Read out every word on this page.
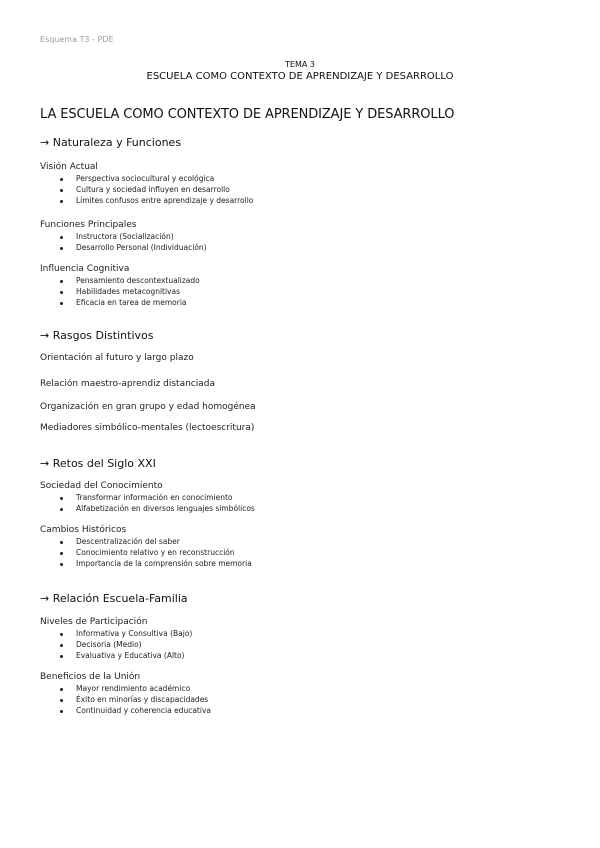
Esquema T3 - PDE
TEMA 3
ESCUELA COMO CONTEXTO DE APRENDIZAJE Y DESARROLLO
LA ESCUELA COMO CONTEXTO DE APRENDIZAJE Y DESARROLLO
→ Naturaleza y Funciones
Visión Actual
Perspectiva sociocultural y ecológica
Cultura y sociedad influyen en desarrollo
Límites confusos entre aprendizaje y desarrollo
Funciones Principales
Instructora (Socialización)
Desarrollo Personal (Individuación)
Influencia Cognitiva
Pensamiento descontextualizado
Habilidades metacognitivas
Eficacia en tarea de memoria
→ Rasgos Distintivos
Orientación al futuro y largo plazo
Relación maestro-aprendiz distanciada
Organización en gran grupo y edad homogénea
Mediadores simbólico-mentales (lectoescritura)
→ Retos del Siglo XXI
Sociedad del Conocimiento
Transformar información en conocimiento
Alfabetización en diversos lenguajes simbólicos
Cambios Históricos
Descentralización del saber
Conocimiento relativo y en reconstrucción
Importancia de la comprensión sobre memoria
→ Relación Escuela-Familia
Niveles de Participación
Informativa y Consultiva (Bajo)
Decisoria (Medio)
Evaluativa y Educativa (Alto)
Beneficios de la Unión
Mayor rendimiento académico
Éxito en minorías y discapacidades
Continuidad y coherencia educativa
